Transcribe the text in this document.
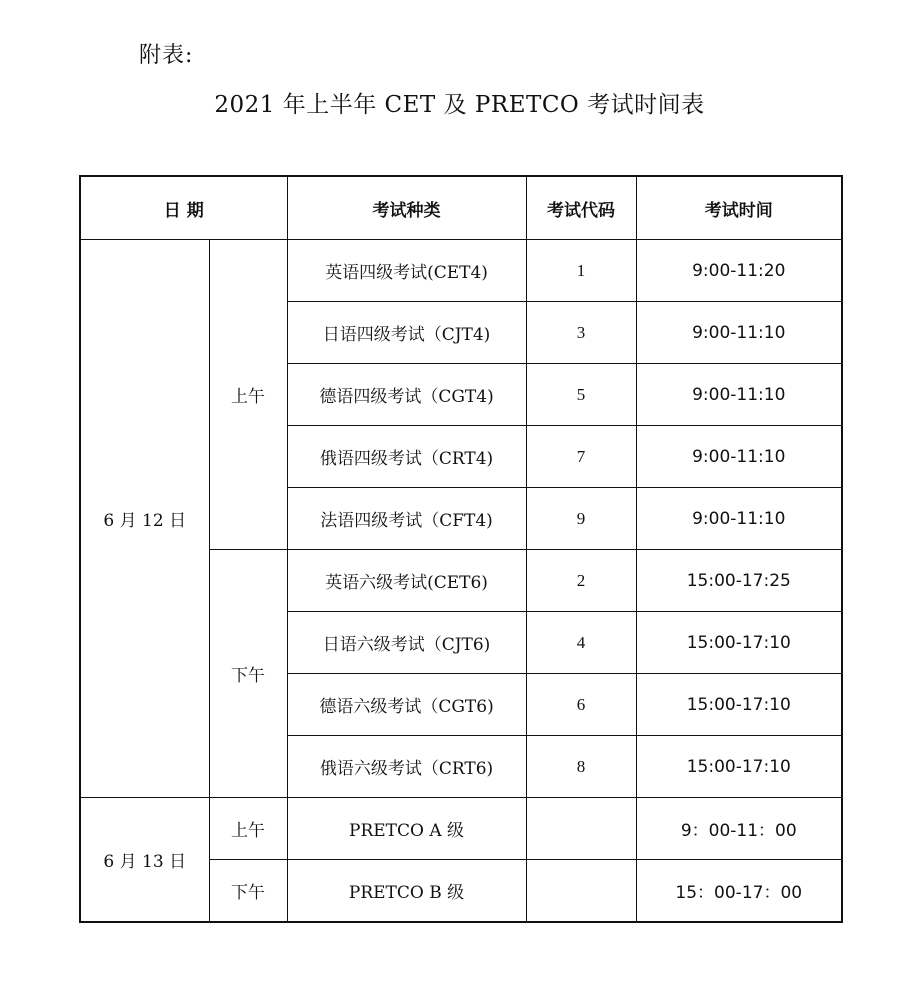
附表:
2021 年上半年 CET 及 PRETCO 考试时间表
日 期		考试种类	考试代码	考试时间
6 月 12 日	上午	英语四级考试(CET4)	1	9:00-11:20
		日语四级考试（CJT4)	3	9:00-11:10
		德语四级考试（CGT4)	5	9:00-11:10
		俄语四级考试（CRT4)	7	9:00-11:10
		法语四级考试（CFT4)	9	9:00-11:10
	下午	英语六级考试(CET6)	2	15:00-17:25
		日语六级考试（CJT6)	4	15:00-17:10
		德语六级考试（CGT6)	6	15:00-17:10
		俄语六级考试（CRT6)	8	15:00-17:10
6 月 13 日	上午	PRETCO A 级		9：00-11：00
	下午	PRETCO B 级		15：00-17：00
